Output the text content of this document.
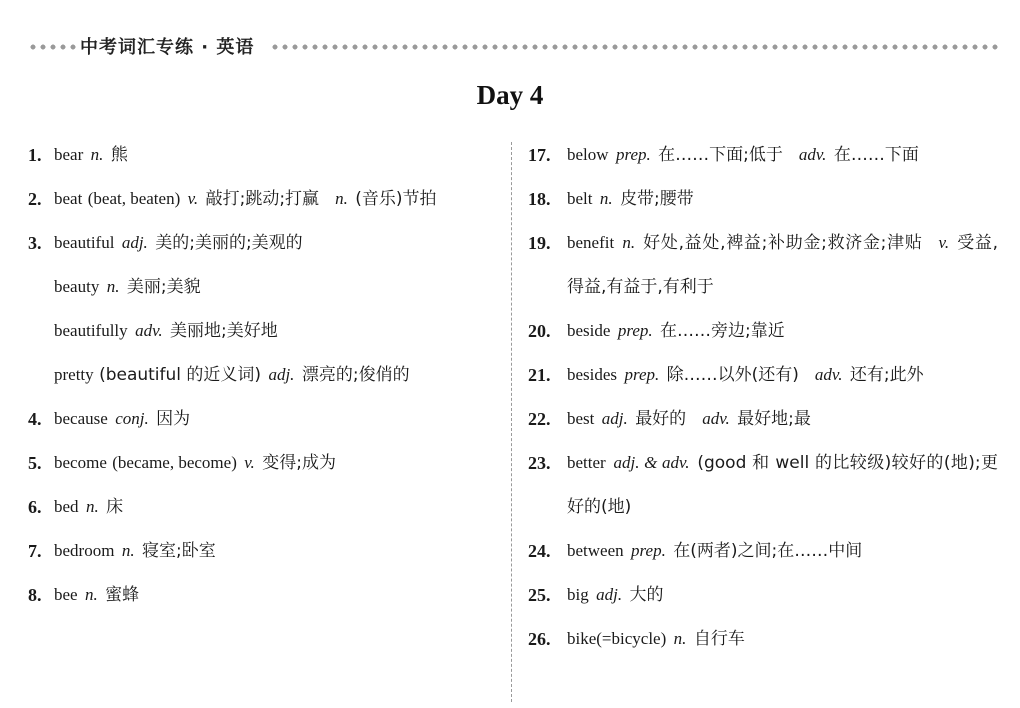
中考词汇专练 · 英语
Day 4
1. bear n. 熊
2. beat (beat, beaten) v. 敲打;跳动;打赢 n. (音乐)节拍
3. beautiful adj. 美的;美丽的;美观的
beauty n. 美丽;美貌
beautifully adv. 美丽地;美好地
pretty (beautiful 的近义词) adj. 漂亮的;俊俏的
4. because conj. 因为
5. become (became, become) v. 变得;成为
6. bed n. 床
7. bedroom n. 寝室;卧室
8. bee n. 蜜蜂
17. below prep. 在……下面;低于 adv. 在……下面
18. belt n. 皮带;腰带
19. benefit n. 好处,益处,裨益;补助金;救济金;津贴 v. 受益,得益,有益于,有利于
20. beside prep. 在……旁边;靠近
21. besides prep. 除……以外(还有) adv. 还有;此外
22. best adj. 最好的 adv. 最好地;最
23. better adj. & adv. (good 和 well 的比较级)较好的(地);更好的(地)
24. between prep. 在(两者)之间;在……中间
25. big adj. 大的
26. bike(=bicycle) n. 自行车
